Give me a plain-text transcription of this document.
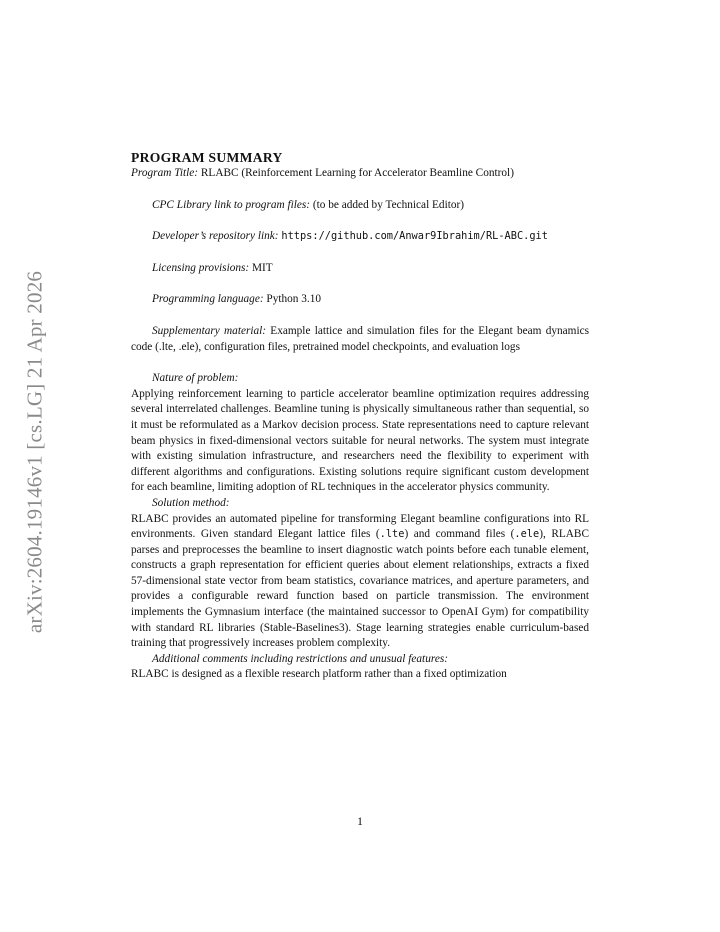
arXiv:2604.19146v1 [cs.LG] 21 Apr 2026
PROGRAM SUMMARY

Program Title: RLABC (Reinforcement Learning for Accelerator Beamline Control)

CPC Library link to program files: (to be added by Technical Editor)

Developer’s repository link: https://github.com/Anwar9Ibrahim/RL-ABC.git

Licensing provisions: MIT

Programming language: Python 3.10

Supplementary material: Example lattice and simulation files for the Elegant beam dynamics code (.lte, .ele), configuration files, pretrained model checkpoints, and evaluation logs

Nature of problem:

Applying reinforcement learning to particle accelerator beamline optimization requires addressing several interrelated challenges. Beamline tuning is physically simultaneous rather than sequential, so it must be reformulated as a Markov decision process. State representations need to capture relevant beam physics in fixed-dimensional vectors suitable for neural networks. The system must integrate with existing simulation infrastructure, and researchers need the flexibility to experiment with different algorithms and configurations. Existing solutions require significant custom development for each beamline, limiting adoption of RL techniques in the accelerator physics community.

Solution method:

RLABC provides an automated pipeline for transforming Elegant beamline configurations into RL environments. Given standard Elegant lattice files (.lte) and command files (.ele), RLABC parses and preprocesses the beamline to insert diagnostic watch points before each tunable element, constructs a graph representation for efficient queries about element relationships, extracts a fixed 57-dimensional state vector from beam statistics, covariance matrices, and aperture parameters, and provides a configurable reward function based on particle transmission. The environment implements the Gymnasium interface (the maintained successor to OpenAI Gym) for compatibility with standard RL libraries (Stable-Baselines3). Stage learning strategies enable curriculum-based training that progressively increases problem complexity.

Additional comments including restrictions and unusual features:

RLABC is designed as a flexible research platform rather than a fixed optimization

1
